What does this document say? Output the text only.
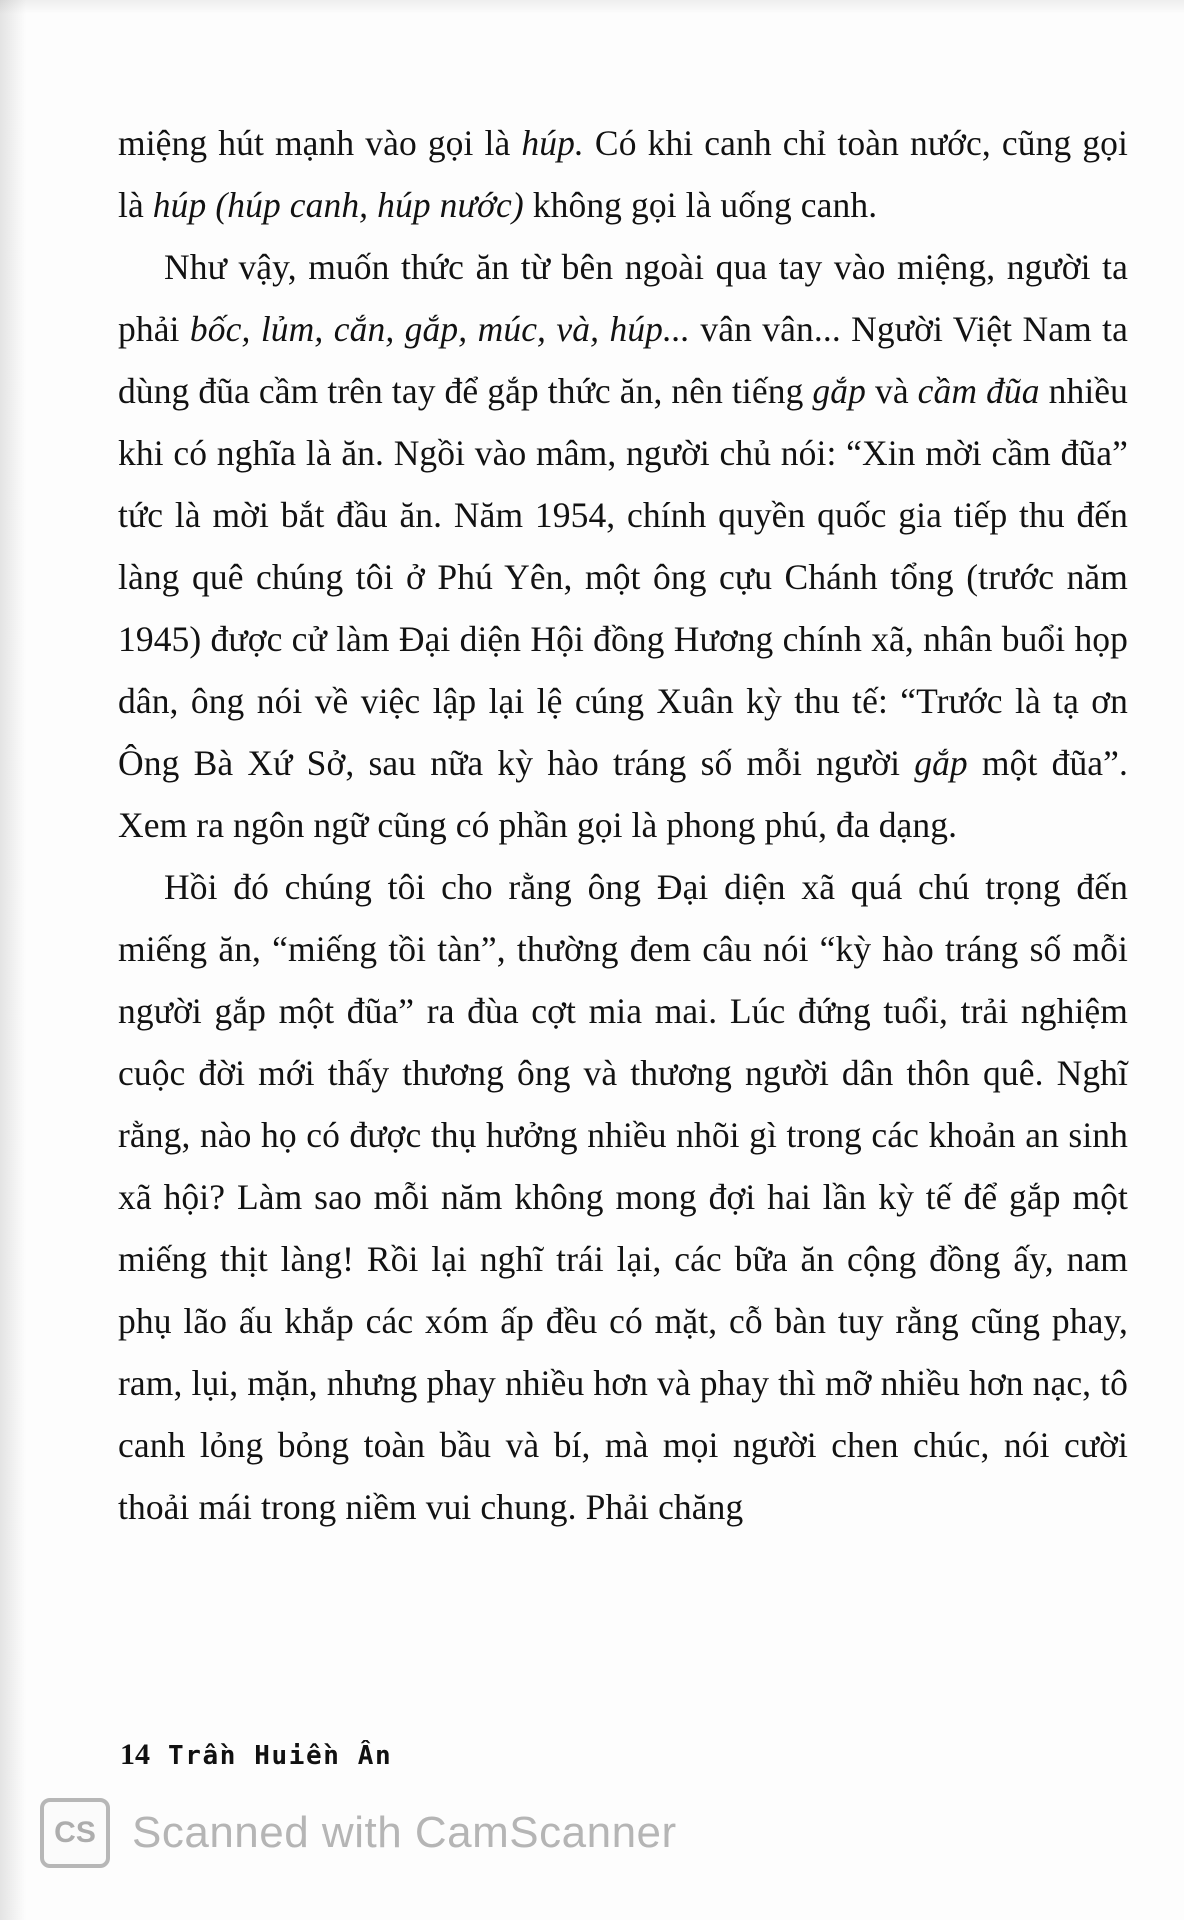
miệng hút mạnh vào gọi là húp. Có khi canh chỉ toàn nước, cũng gọi là húp (húp canh, húp nước) không gọi là uống canh.

Như vậy, muốn thức ăn từ bên ngoài qua tay vào miệng, người ta phải bốc, lủm, cắn, gắp, múc, và, húp... vân vân... Người Việt Nam ta dùng đũa cầm trên tay để gắp thức ăn, nên tiếng gắp và cầm đũa nhiều khi có nghĩa là ăn. Ngồi vào mâm, người chủ nói: “Xin mời cầm đũa” tức là mời bắt đầu ăn. Năm 1954, chính quyền quốc gia tiếp thu đến làng quê chúng tôi ở Phú Yên, một ông cựu Chánh tổng (trước năm 1945) được cử làm Đại diện Hội đồng Hương chính xã, nhân buổi họp dân, ông nói về việc lập lại lệ cúng Xuân kỳ thu tế: “Trước là tạ ơn Ông Bà Xứ Sở, sau nữa kỳ hào tráng số mỗi người gắp một đũa”. Xem ra ngôn ngữ cũng có phần gọi là phong phú, đa dạng.

Hồi đó chúng tôi cho rằng ông Đại diện xã quá chú trọng đến miếng ăn, “miếng tồi tàn”, thường đem câu nói “kỳ hào tráng số mỗi người gắp một đũa” ra đùa cợt mia mai. Lúc đứng tuổi, trải nghiệm cuộc đời mới thấy thương ông và thương người dân thôn quê. Nghĩ rằng, nào họ có được thụ hưởng nhiều nhõi gì trong các khoản an sinh xã hội? Làm sao mỗi năm không mong đợi hai lần kỳ tế để gắp một miếng thịt làng! Rồi lại nghĩ trái lại, các bữa ăn cộng đồng ấy, nam phụ lão ấu khắp các xóm ấp đều có mặt, cỗ bàn tuy rằng cũng phay, ram, lụi, mặn, nhưng phay nhiều hơn và phay thì mỡ nhiều hơn nạc, tô canh lỏng bỏng toàn bầu và bí, mà mọi người chen chúc, nói cười thoải mái trong niềm vui chung. Phải chăng

14 Trần Huiền Ân
CS Scanned with CamScanner
